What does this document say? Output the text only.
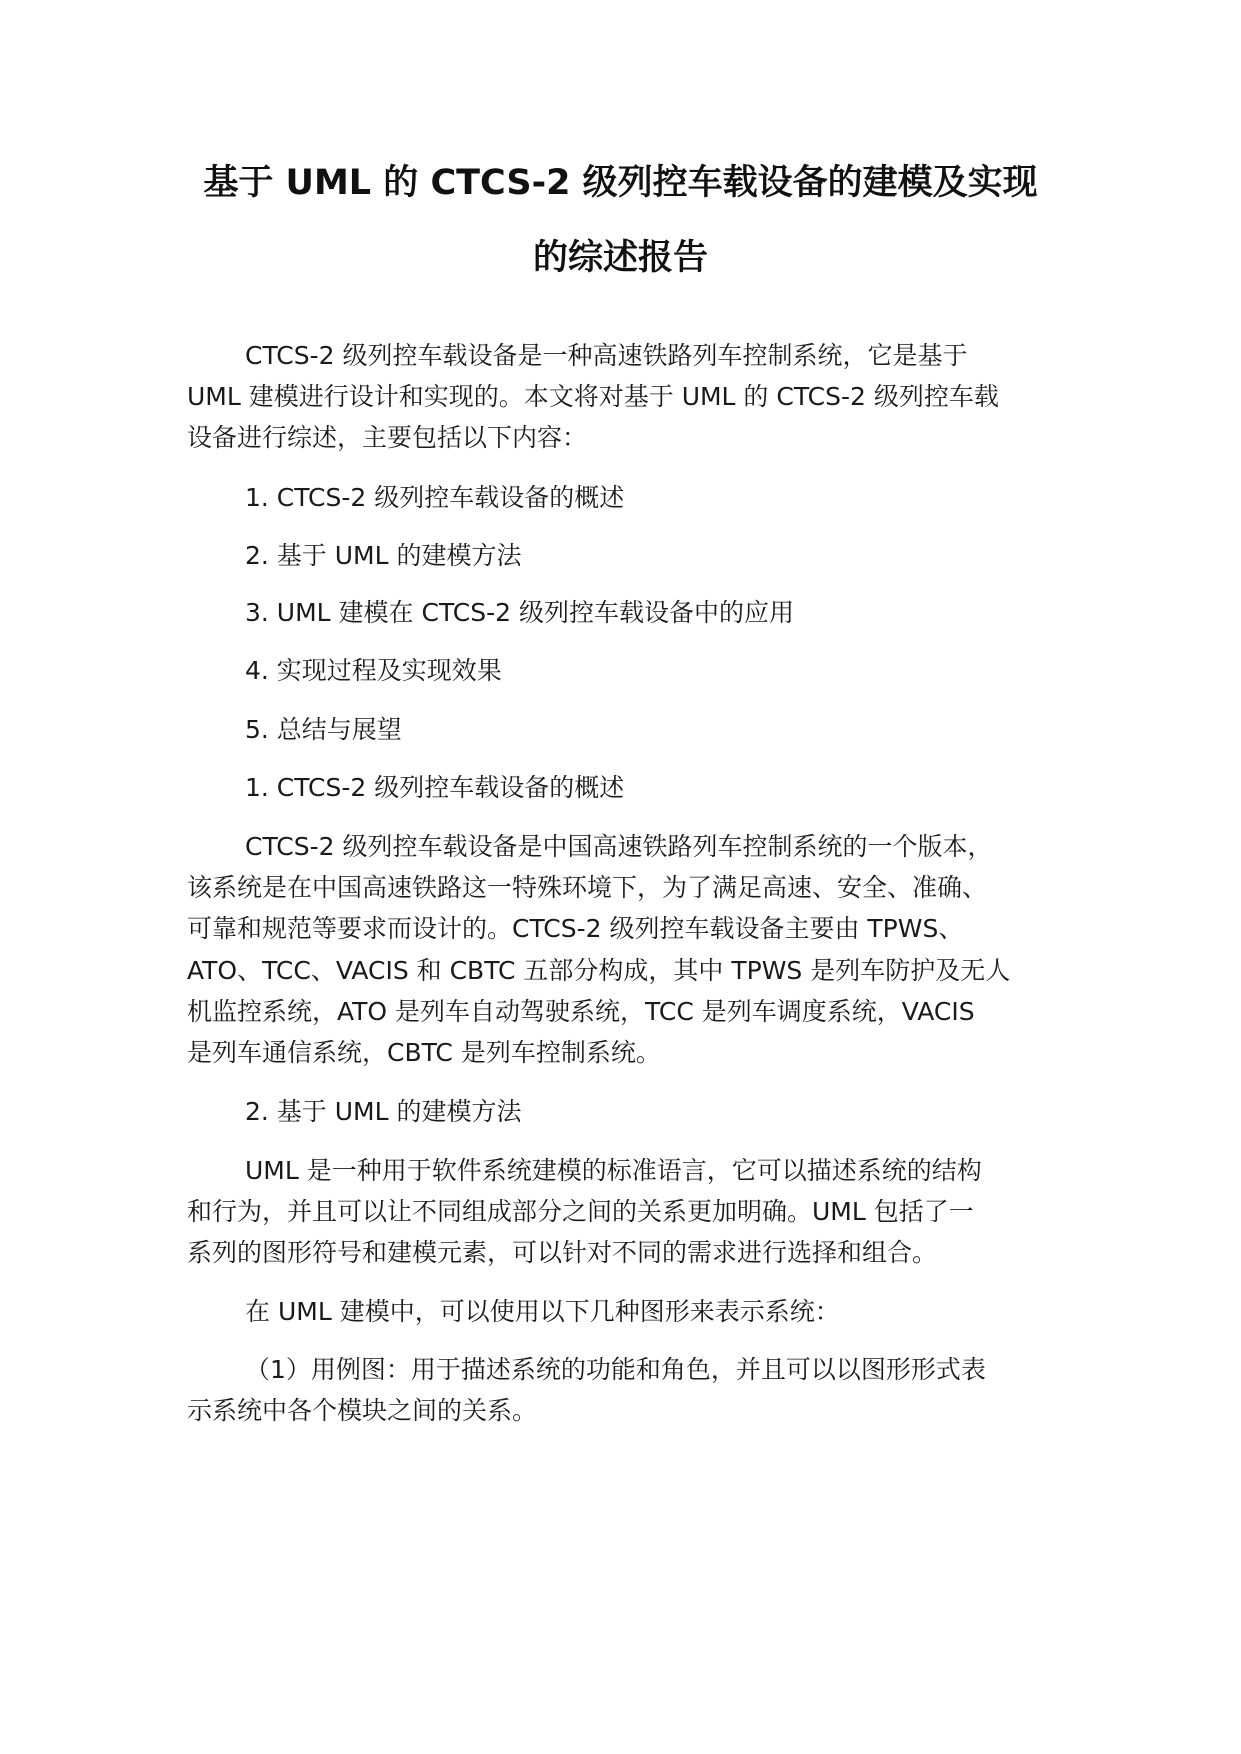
基于 UML 的 CTCS-2 级列控车载设备的建模及实现
的综述报告
CTCS-2 级列控车载设备是一种高速铁路列车控制系统，它是基于
UML 建模进行设计和实现的。本文将对基于 UML 的 CTCS-2 级列控车载
设备进行综述，主要包括以下内容：
1. CTCS-2 级列控车载设备的概述
2. 基于 UML 的建模方法
3. UML 建模在 CTCS-2 级列控车载设备中的应用
4. 实现过程及实现效果
5. 总结与展望
1. CTCS-2 级列控车载设备的概述
CTCS-2 级列控车载设备是中国高速铁路列车控制系统的一个版本，
该系统是在中国高速铁路这一特殊环境下，为了满足高速、安全、准确、
可靠和规范等要求而设计的。CTCS-2 级列控车载设备主要由 TPWS、
ATO、TCC、VACIS 和 CBTC 五部分构成，其中 TPWS 是列车防护及无人
机监控系统，ATO 是列车自动驾驶系统，TCC 是列车调度系统，VACIS
是列车通信系统，CBTC 是列车控制系统。
2. 基于 UML 的建模方法
UML 是一种用于软件系统建模的标准语言，它可以描述系统的结构
和行为，并且可以让不同组成部分之间的关系更加明确。UML 包括了一
系列的图形符号和建模元素，可以针对不同的需求进行选择和组合。
在 UML 建模中，可以使用以下几种图形来表示系统：
（1）用例图：用于描述系统的功能和角色，并且可以以图形形式表
示系统中各个模块之间的关系。
